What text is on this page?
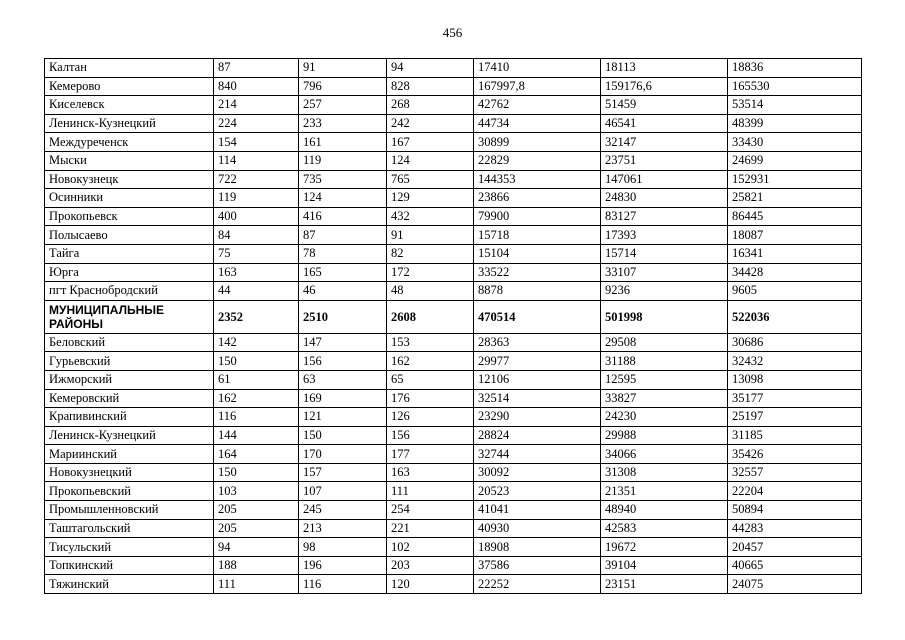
456
Калтан	87	91	94	17410	18113	18836
Кемерово	840	796	828	167997,8	159176,6	165530
Киселевск	214	257	268	42762	51459	53514
Ленинск-Кузнецкий	224	233	242	44734	46541	48399
Междуреченск	154	161	167	30899	32147	33430
Мыски	114	119	124	22829	23751	24699
Новокузнецк	722	735	765	144353	147061	152931
Осинники	119	124	129	23866	24830	25821
Прокопьевск	400	416	432	79900	83127	86445
Полысаево	84	87	91	15718	17393	18087
Тайга	75	78	82	15104	15714	16341
Юрга	163	165	172	33522	33107	34428
пгт Краснобродский	44	46	48	8878	9236	9605
МУНИЦИПАЛЬНЫЕ РАЙОНЫ	2352	2510	2608	470514	501998	522036
Беловский	142	147	153	28363	29508	30686
Гурьевский	150	156	162	29977	31188	32432
Ижморский	61	63	65	12106	12595	13098
Кемеровский	162	169	176	32514	33827	35177
Крапивинский	116	121	126	23290	24230	25197
Ленинск-Кузнецкий	144	150	156	28824	29988	31185
Мариинский	164	170	177	32744	34066	35426
Новокузнецкий	150	157	163	30092	31308	32557
Прокопьевский	103	107	111	20523	21351	22204
Промышленновский	205	245	254	41041	48940	50894
Таштагольский	205	213	221	40930	42583	44283
Тисульский	94	98	102	18908	19672	20457
Топкинский	188	196	203	37586	39104	40665
Тяжинский	111	116	120	22252	23151	24075
